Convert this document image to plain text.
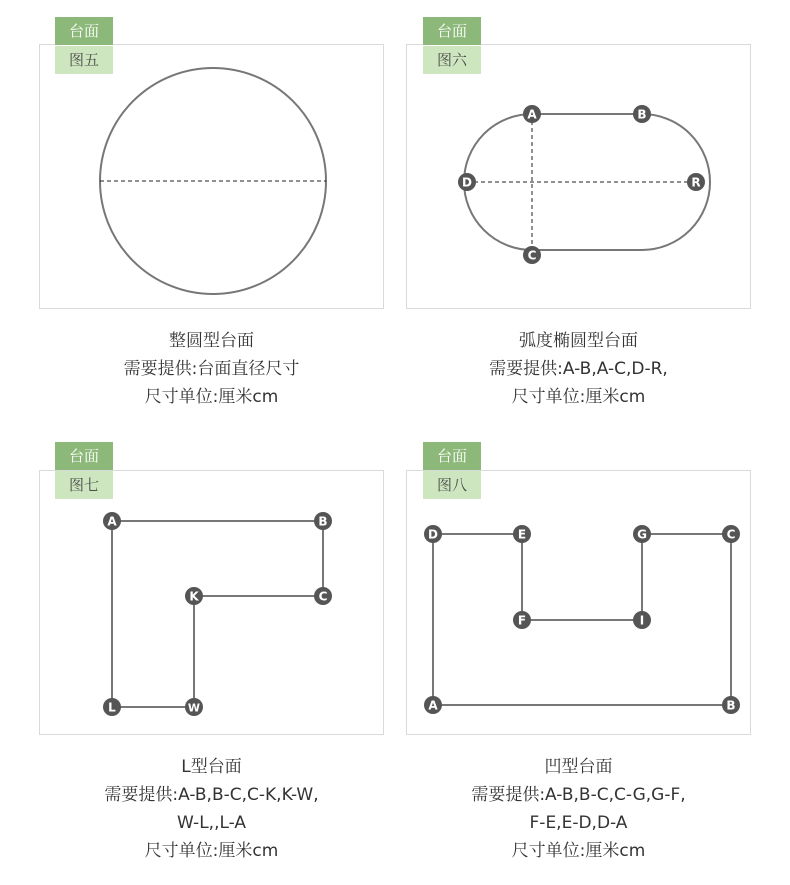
台面
图五
整圆型台面
需要提供:台面直径尺寸
尺寸单位:厘米cm
A	B
D	R
C
台面
图六
弧度椭圆型台面
需要提供:A-B,A-C,D-R,
尺寸单位:厘米cm
A	B
C
K
W
L
台面
图七
L型台面
需要提供:A-B,B-C,C-K,K-W,
W-L,,L-A
尺寸单位:厘米cm
D	E	G	C
F	I
A	B
台面
图八
凹型台面
需要提供:A-B,B-C,C-G,G-F,
F-E,E-D,D-A
尺寸单位:厘米cm
